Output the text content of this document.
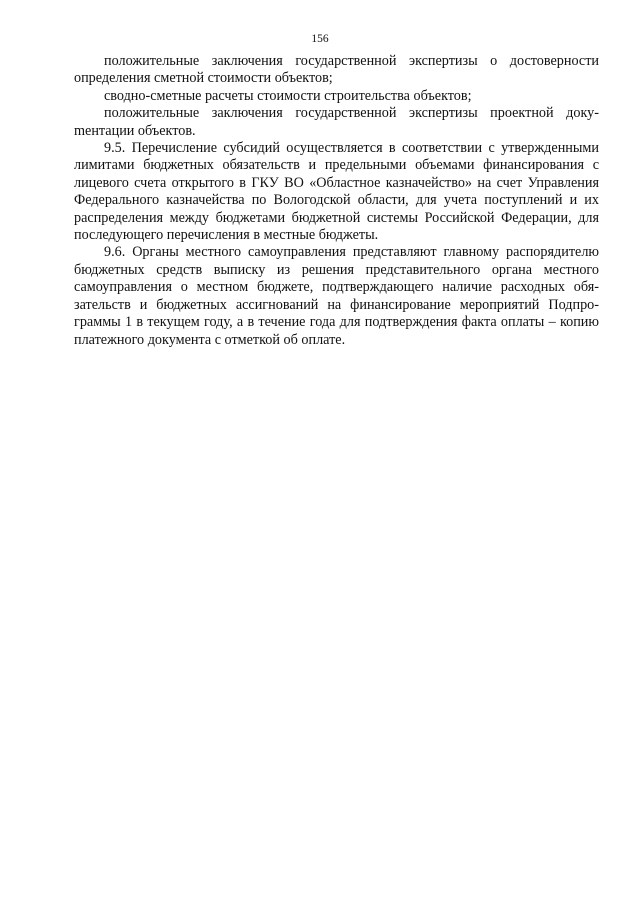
156

положительные заключения государственной экспертизы о достоверности определения сметной стоимости объектов;

сводно-сметные расчеты стоимости строительства объектов;

положительные заключения государственной экспертизы проектной докуmентации объектов.

9.5. Перечисление субсидий осуществляется в соответствии с утвержденными лимитами бюджетных обязательств и предельными объемами финансирования с лицевого счета открытого в ГКУ ВО «Областное казначейство» на счет Управления Федерального казначейства по Вологодской области, для учета поступлений и их распределения между бюджетами бюджетной системы Российской Федерации, для последующего перечисления в местные бюджеты.

9.6. Органы местного самоуправления представляют главному распорядителю бюджетных средств выписку из решения представительного органа местного самоуправления о местном бюджете, подтверждающего наличие расходных обязательств и бюджетных ассигнований на финансирование мероприятий Подпрограммы 1 в текущем году, а в течение года для подтверждения факта оплаты – копию платежного документа с отметкой об оплате.
